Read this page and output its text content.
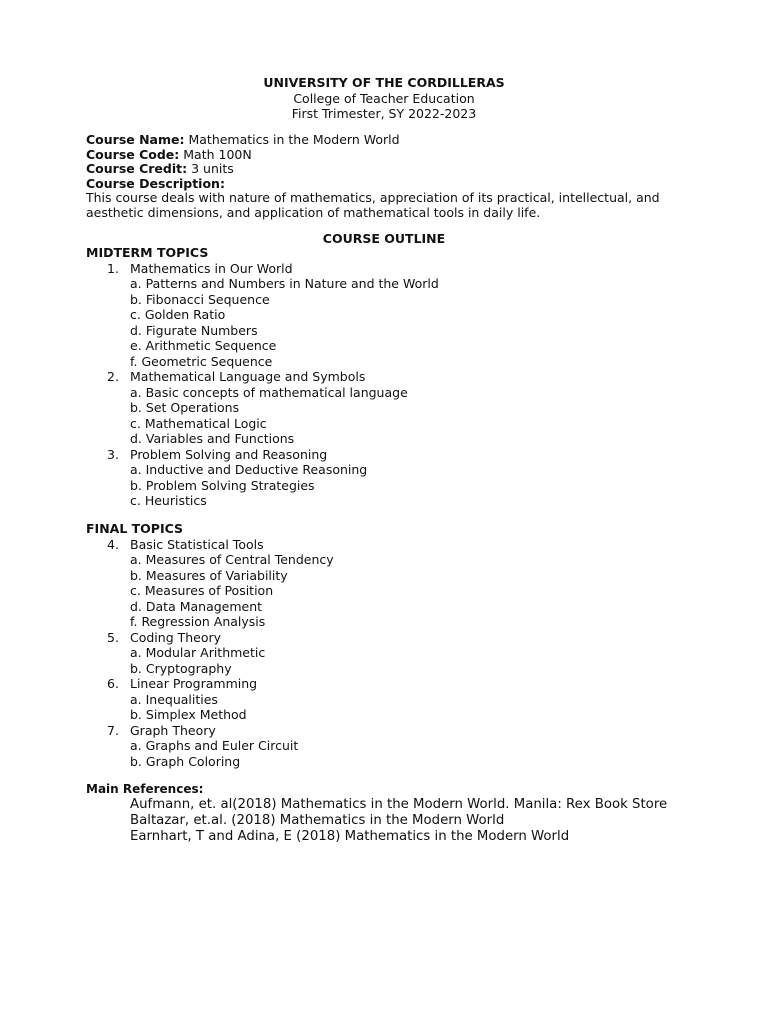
UNIVERSITY OF THE CORDILLERAS
College of Teacher Education
First Trimester, SY 2022-2023
Course Name: Mathematics in the Modern World
Course Code: Math 100N
Course Credit: 3 units
Course Description:

This course deals with nature of mathematics, appreciation of its practical, intellectual, and aesthetic dimensions, and application of mathematical tools in daily life.

COURSE OUTLINE
MIDTERM TOPICS
1. Mathematics in Our World
a. Patterns and Numbers in Nature and the World
b. Fibonacci Sequence
c. Golden Ratio
d. Figurate Numbers
e. Arithmetic Sequence
f. Geometric Sequence
2. Mathematical Language and Symbols
a. Basic concepts of mathematical language
b. Set Operations
c. Mathematical Logic
d. Variables and Functions
3. Problem Solving and Reasoning
a. Inductive and Deductive Reasoning
b. Problem Solving Strategies
c. Heuristics
FINAL TOPICS
4. Basic Statistical Tools
a. Measures of Central Tendency
b. Measures of Variability
c. Measures of Position
d. Data Management
f. Regression Analysis
5. Coding Theory
a. Modular Arithmetic
b. Cryptography
6. Linear Programming
a. Inequalities
b. Simplex Method
7. Graph Theory
a. Graphs and Euler Circuit
b. Graph Coloring
Main References:
Aufmann, et. al(2018) Mathematics in the Modern World. Manila: Rex Book Store
Baltazar, et.al. (2018) Mathematics in the Modern World
Earnhart, T and Adina, E (2018) Mathematics in the Modern World
